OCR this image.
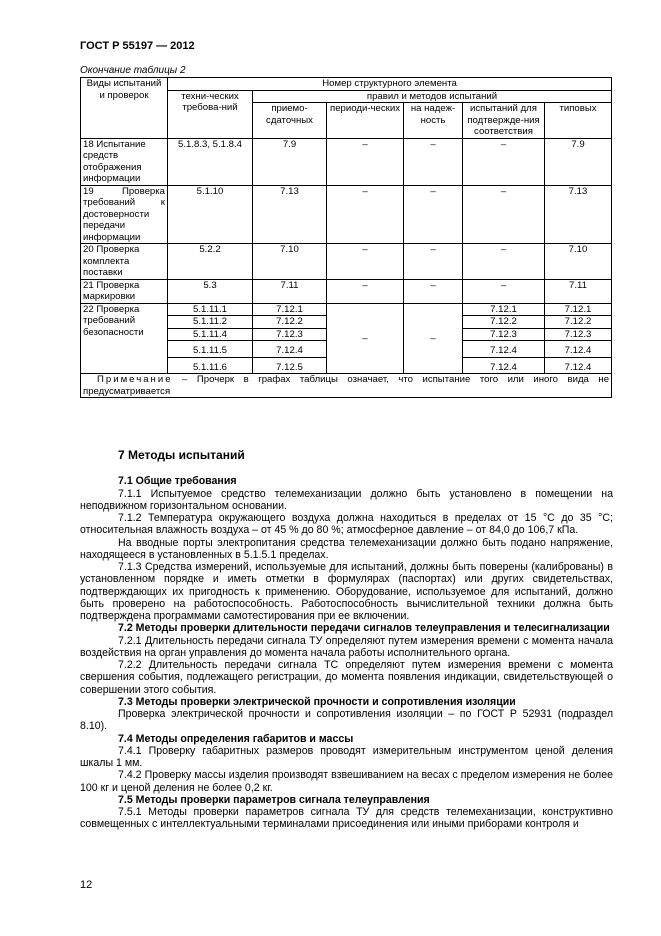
ГОСТ Р 55197 — 2012
Окончание таблицы 2
Виды испытаний и проверок	Номер структурного элемента					
	техни-ческих требова-ний	правил и методов испытаний				
		приемо-сдаточных	периоди-ческих	на надеж-ность	испытаний для подтвержде-ния соответствия	типовых
18 Испытание средств отображения информации	5.1.8.3, 5.1.8.4	7.9	–	–	–	7.9

19 Проверка требований к достоверности передачи информации	5.1.10	7.13	–	–	–	7.13
20 Проверка комплекта поставки	5.2.2	7.10	–	–	–	7.10
21 Проверка маркировки	5.3	7.11	–	–	–	7.11
22 Проверка требований безопасности	5.1.11.1	7.12.1	–	–	7.12.1	7.12.1
	5.1.11.2	7.12.2			7.12.2	7.12.2
	5.1.11.4	7.12.3			7.12.3	7.12.3
	5.1.11.5	7.12.4			7.12.4	7.12.4
	5.1.11.6	7.12.5			7.12.4	7.12.4
Примечание – Прочерк в графах таблицы означает, что испытание того или иного вида не предусматривается						
7 Методы испытаний
7.1 Общие требования

7.1.1 Испытуемое средство телемеханизации должно быть установлено в помещении на неподвижном горизонтальном основании.

7.1.2 Температура окружающего воздуха должна находиться в пределах от 15 °С до 35 °С; относительная влажность воздуха – от 45 % до 80 %; атмосферное давление – от 84,0 до 106,7 кПа.

На вводные порты электропитания средства телемеханизации должно быть подано напряжение, находящееся в установленных в 5.1.5.1 пределах.

7.1.3 Средства измерений, используемые для испытаний, должны быть поверены (калиброваны) в установленном порядке и иметь отметки в формулярах (паспортах) или других свидетельствах, подтверждающих их пригодность к применению. Оборудование, используемое для испытаний, должно быть проверено на работоспособность. Работоспособность вычислительной техники должна быть подтверждена программами самотестирования при ее включении.

7.2 Методы проверки длительности передачи сигналов телеуправления и телесигнализации

7.2.1 Длительность передачи сигнала ТУ определяют путем измерения времени с момента начала воздействия на орган управления до момента начала работы исполнительного органа.

7.2.2 Длительность передачи сигнала ТС определяют путем измерения времени с момента свершения события, подлежащего регистрации, до момента появления индикации, свидетельствующей о совершении этого события.

7.3 Методы проверки электрической прочности и сопротивления изоляции

Проверка электрической прочности и сопротивления изоляции – по ГОСТ Р 52931 (подраздел 8.10).

7.4 Методы определения габаритов и массы

7.4.1 Проверку габаритных размеров проводят измерительным инструментом ценой деления шкалы 1 мм.

7.4.2 Проверку массы изделия производят взвешиванием на весах с пределом измерения не более 100 кг и ценой деления не более 0,2 кг.

7.5 Методы проверки параметров сигнала телеуправления

7.5.1 Методы проверки параметров сигнала ТУ для средств телемеханизации, конструктивно совмещенных с интеллектуальными терминалами присоединения или иными приборами контроля и

12
